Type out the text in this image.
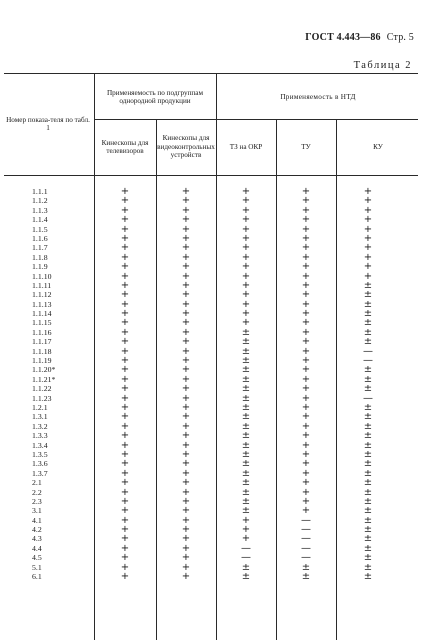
ГОСТ 4.443—86 Стр. 5
Таблица 2
Номер показа-теля по табл. 1
Применяемость по подгруппам однородной продукции
Применяемость в НТД
Кинескопы для телевизоров
Кинескопы для видеоконтрольных устройств
ТЗ на ОКР	ТУ	КУ
1.1.1	+	+	+	+	+
1.1.2	+	+	+	+	+
1.1.3	+	+	+	+	+
1.1.4	+	+	+	+	+
1.1.5	+	+	+	+	+
1.1.6	+	+	+	+	+
1.1.7	+	+	+	+	+
1.1.8	+	+	+	+	+
1.1.9	+	+	+	+	+
1.1.10	+	+	+	+	+
1.1.11	+	+	+	+	±
1.1.12	+	+	+	+	±
1.1.13	+	+	+	+	±
1.1.14	+	+	+	+	±
1.1.15	+	+	+	+	±
1.1.16	+	+	±	+	±
1.1.17	+	+	±	+	±
1.1.18	+	+	±	+	—
1.1.19	+	+	±	+	—
1.1.20*	+	+	±	+	±
1.1.21*	+	+	±	+	±
1.1.22	+	+	±	+	±
1.1.23	+	+	±	+	—
1.2.1	+	+	±	+	±
1.3.1	+	+	±	+	±
1.3.2	+	+	±	+	±
1.3.3	+	+	±	+	±
1.3.4	+	+	±	+	±
1.3.5	+	+	±	+	±
1.3.6	+	+	±	+	±
1.3.7	+	+	±	+	±
2.1	+	+	±	+	±
2.2	+	+	±	+	±
2.3	+	+	±	+	±
3.1	+	+	±	+	±
4.1	+	+	+	—	±
4.2	+	+	+	—	±
4.3	+	+	+	—	±
4.4	+	+	—	—	±
4.5	+	+	—	—	±
5.1	+	+	±	±	±
6.1	+	+	±	±	±
